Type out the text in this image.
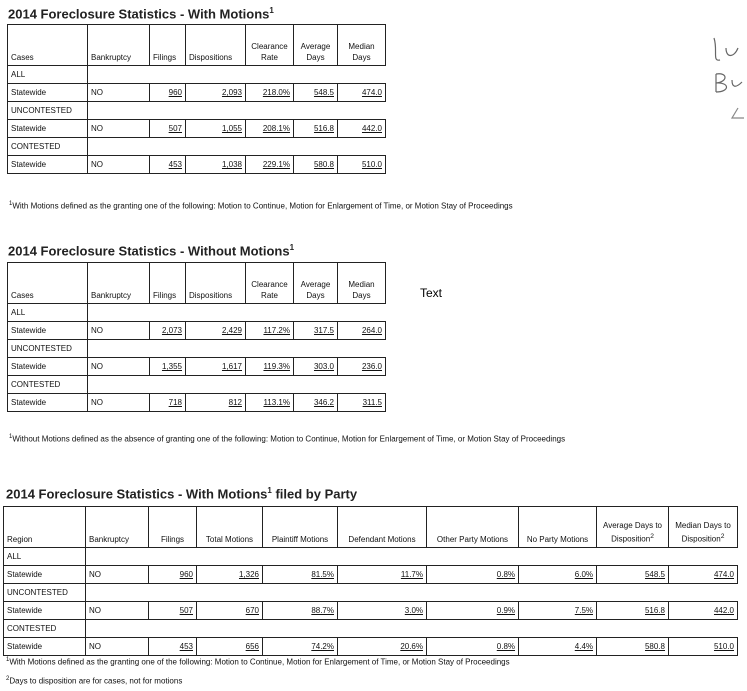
2014 Foreclosure Statistics - With Motions$^1$
Cases	Bankruptcy	Filings	Dispositions	Clearance Rate	Average Days	Median Days
ALL						
Statewide	NO	960	2,093	218.0%	548.5	474.0
UNCONTESTED						
Statewide	NO	507	1,055	208.1%	516.8	442.0
CONTESTED						
Statewide	NO	453	1,038	229.1%	580.8	510.0
$^1$With Motions defined as the granting one of the following: Motion to Continue, Motion for Enlargement of Time, or Motion Stay of Proceedings
2014 Foreclosure Statistics - Without Motions$^1$
Cases	Bankruptcy	Filings	Dispositions	Clearance Rate	Average Days	Median Days
ALL						
Statewide	NO	2,073	2,429	117.2%	317.5	264.0
UNCONTESTED						
Statewide	NO	1,355	1,617	119.3%	303.0	236.0
CONTESTED						
Statewide	NO	718	812	113.1%	346.2	311.5
$^1$Without Motions defined as the absence of granting one of the following: Motion to Continue, Motion for Enlargement of Time, or Motion Stay of Proceedings
Text
2014 Foreclosure Statistics - With Motions$^1$ filed by Party
Region	Bankruptcy	Filings	Total Motions	Plaintiff Motions	Defendant Motions	Other Party Motions	No Party Motions	Average Days to Disposition$^2$	Median Days to Disposition$^2$
ALL									
Statewide	NO	960	1,326	81.5%	11.7%	0.8%	6.0%	548.5	474.0
UNCONTESTED									
Statewide	NO	507	670	88.7%	3.0%	0.9%	7.5%	516.8	442.0
CONTESTED									
Statewide	NO	453	656	74.2%	20.6%	0.8%	4.4%	580.8	510.0
$^1$With Motions defined as the granting one of the following: Motion to Continue, Motion for Enlargement of Time, or Motion Stay of Proceedings
$^2$Days to disposition are for cases, not for motions
